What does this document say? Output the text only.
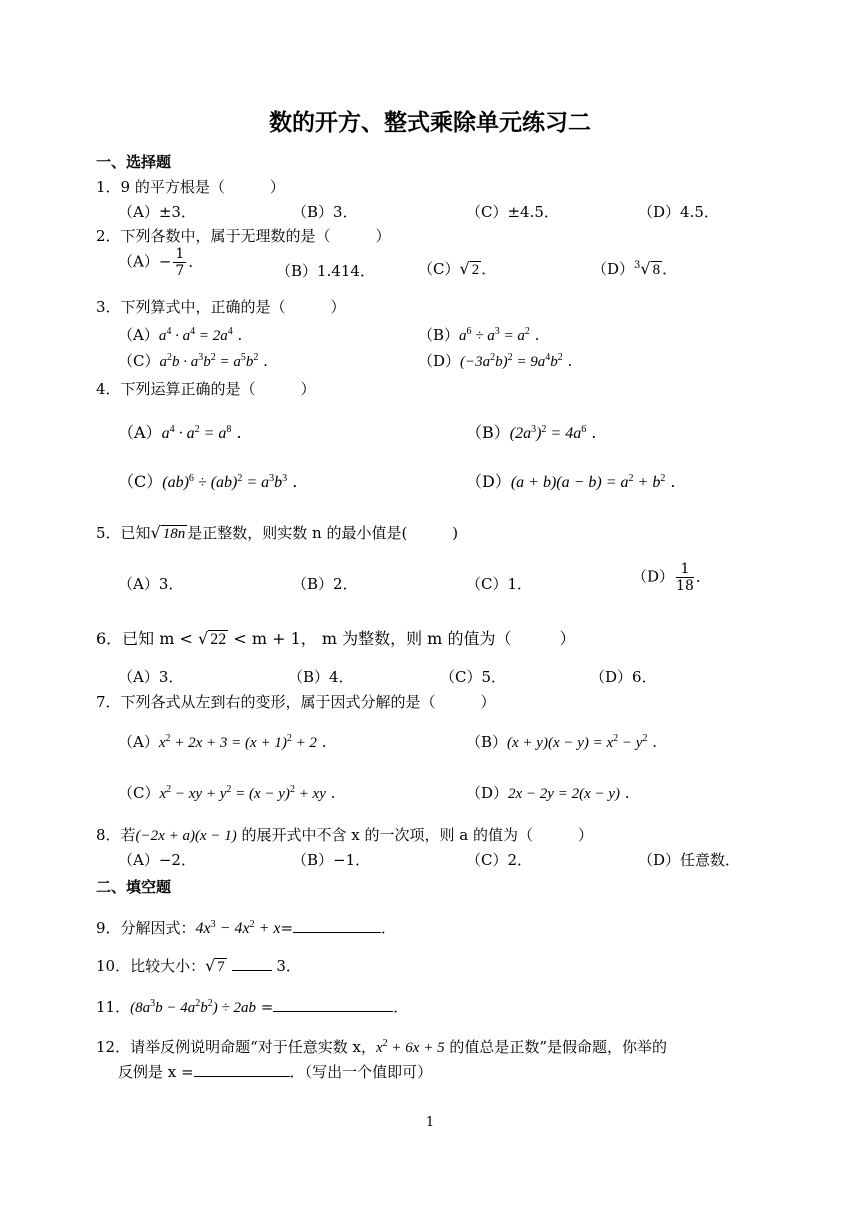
数的开方、整式乘除单元练习二
一、选择题
1．9 的平方根是（　　　）
（A）±3．	（B）3．	（C）±4.5．	（D）4.5．
2．下列各数中，属于无理数的是（　　　）
$(A)- \frac{1}{7}$ ．
（B）1.414．	（C）√ 2 ．	$(D)^3√$ 8 ．
3．下列算式中，正确的是（　　　）
$(A)a^4 \cdot a^4 = 2a^4$ .	$(B)a^6 \div a^3 = a^2$ .
$(C)a^2b \cdot a^3b^2 = a^5b^2$ .	$(D)(-3a^2b)^2 = 9a^4b^2$ .
4．下列运算正确的是（　　　）
$(A)a^4 \cdot a^2 = a^8$ .	$(B)(2a^3)^2 = 4a^6$ .
$(C)(ab)^6 \div (ab)^2 = a^3b^3$ .	$(D)(a + b)(a - b) = a^2 + b^2$ .
5．已知√ 18n 是正整数，则实数 n 的最小值是(　　　)
（A）3．	（B）2．	（C）1．	$(D) \frac{1}{18}$ ．
6．已知 m < √ 22 < m + 1， m 为整数，则 m 的值为（　　　）
（A）3．	（B）4．	（C）5．	（D）6．
7．下列各式从左到右的变形，属于因式分解的是（　　　）
$(A)x^2 + 2x + 3 = (x + 1)^2 + 2$ .	$(B)(x + y)(x - y) = x^2 - y^2$ .
$(C)x^2$ − xy + $y^2 = (x - y)^2$ + xy .	（D）2x − 2y = 2(x − y) .
8．若(−2x + a)(x − 1) 的展开式中不含 x 的一次项，则 a 的值为（　　　）
（A）−2．	（B）−1．	（C）2．	（D）任意数．
二、填空题
9．分解因式：$4x^3 - 4x^2 + x=$	．
10．比较大小：√ 7	3．
11．$(8a^3b - 4a^2b^2) \div 2ab$ =	．
12．请举反例说明命题“对于任意实数 x，$x^2 + 6x + 5$ 的值总是正数”是假命题，你举的
反例是 x =	．（写出一个值即可）
1
